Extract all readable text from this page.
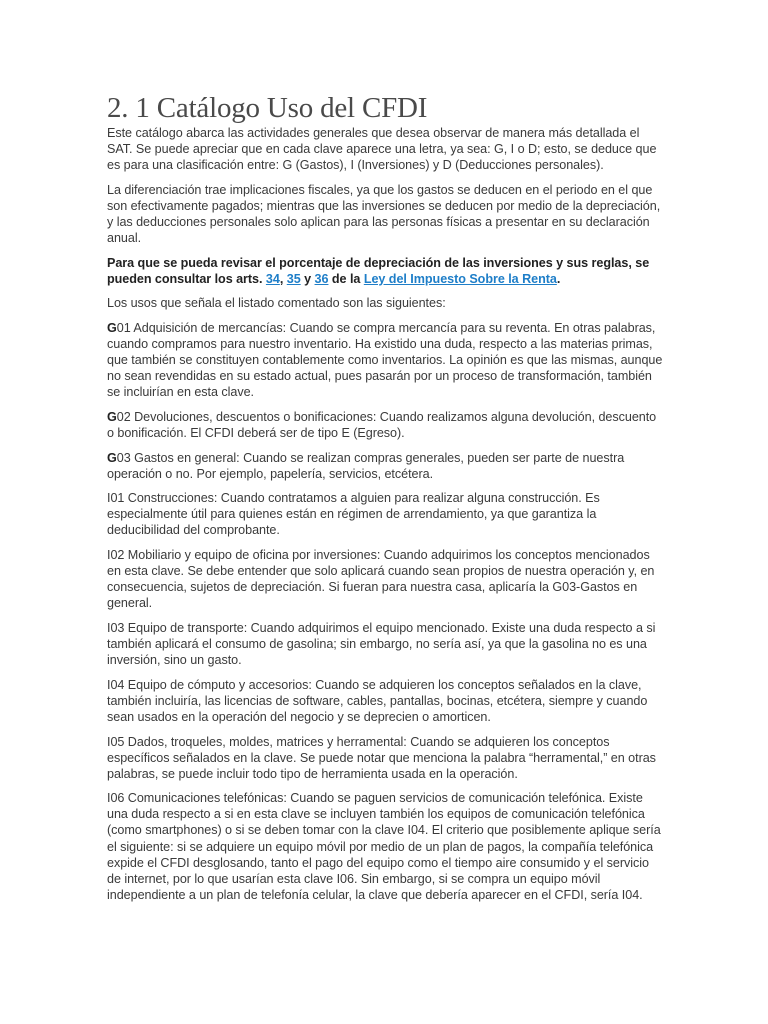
2. 1 Catálogo Uso del CFDI

Este catálogo abarca las actividades generales que desea observar de manera más detallada el SAT. Se puede apreciar que en cada clave aparece una letra, ya sea: G, I o D; esto, se deduce que es para una clasificación entre: G (Gastos), I (Inversiones) y D (Deducciones personales).

La diferenciación trae implicaciones fiscales, ya que los gastos se deducen en el periodo en el que son efectivamente pagados; mientras que las inversiones se deducen por medio de la depreciación, y las deducciones personales solo aplican para las personas físicas a presentar en su declaración anual.

Para que se pueda revisar el porcentaje de depreciación de las inversiones y sus reglas, se pueden consultar los arts. 34, 35 y 36 de la Ley del Impuesto Sobre la Renta.

Los usos que señala el listado comentado son las siguientes:

G01 Adquisición de mercancías: Cuando se compra mercancía para su reventa. En otras palabras, cuando compramos para nuestro inventario. Ha existido una duda, respecto a las materias primas, que también se constituyen contablemente como inventarios. La opinión es que las mismas, aunque no sean revendidas en su estado actual, pues pasarán por un proceso de transformación, también se incluirían en esta clave.

G02 Devoluciones, descuentos o bonificaciones: Cuando realizamos alguna devolución, descuento o bonificación. El CFDI deberá ser de tipo E (Egreso).

G03 Gastos en general: Cuando se realizan compras generales, pueden ser parte de nuestra operación o no. Por ejemplo, papelería, servicios, etcétera.

I01 Construcciones: Cuando contratamos a alguien para realizar alguna construcción. Es especialmente útil para quienes están en régimen de arrendamiento, ya que garantiza la deducibilidad del comprobante.

I02 Mobiliario y equipo de oficina por inversiones: Cuando adquirimos los conceptos mencionados en esta clave. Se debe entender que solo aplicará cuando sean propios de nuestra operación y, en consecuencia, sujetos de depreciación. Si fueran para nuestra casa, aplicaría la G03-Gastos en general.

I03 Equipo de transporte: Cuando adquirimos el equipo mencionado. Existe una duda respecto a si también aplicará el consumo de gasolina; sin embargo, no sería así, ya que la gasolina no es una inversión, sino un gasto.

I04 Equipo de cómputo y accesorios: Cuando se adquieren los conceptos señalados en la clave, también incluiría, las licencias de software, cables, pantallas, bocinas, etcétera, siempre y cuando sean usados en la operación del negocio y se deprecien o amorticen.

I05 Dados, troqueles, moldes, matrices y herramental: Cuando se adquieren los conceptos específicos señalados en la clave. Se puede notar que menciona la palabra “herramental,” en otras palabras, se puede incluir todo tipo de herramienta usada en la operación.

I06 Comunicaciones telefónicas: Cuando se paguen servicios de comunicación telefónica. Existe una duda respecto a si en esta clave se incluyen también los equipos de comunicación telefónica (como smartphones) o si se deben tomar con la clave I04. El criterio que posiblemente aplique sería el siguiente: si se adquiere un equipo móvil por medio de un plan de pagos, la compañía telefónica expide el CFDI desglosando, tanto el pago del equipo como el tiempo aire consumido y el servicio de internet, por lo que usarían esta clave I06. Sin embargo, si se compra un equipo móvil independiente a un plan de telefonía celular, la clave que debería aparecer en el CFDI, sería I04.
